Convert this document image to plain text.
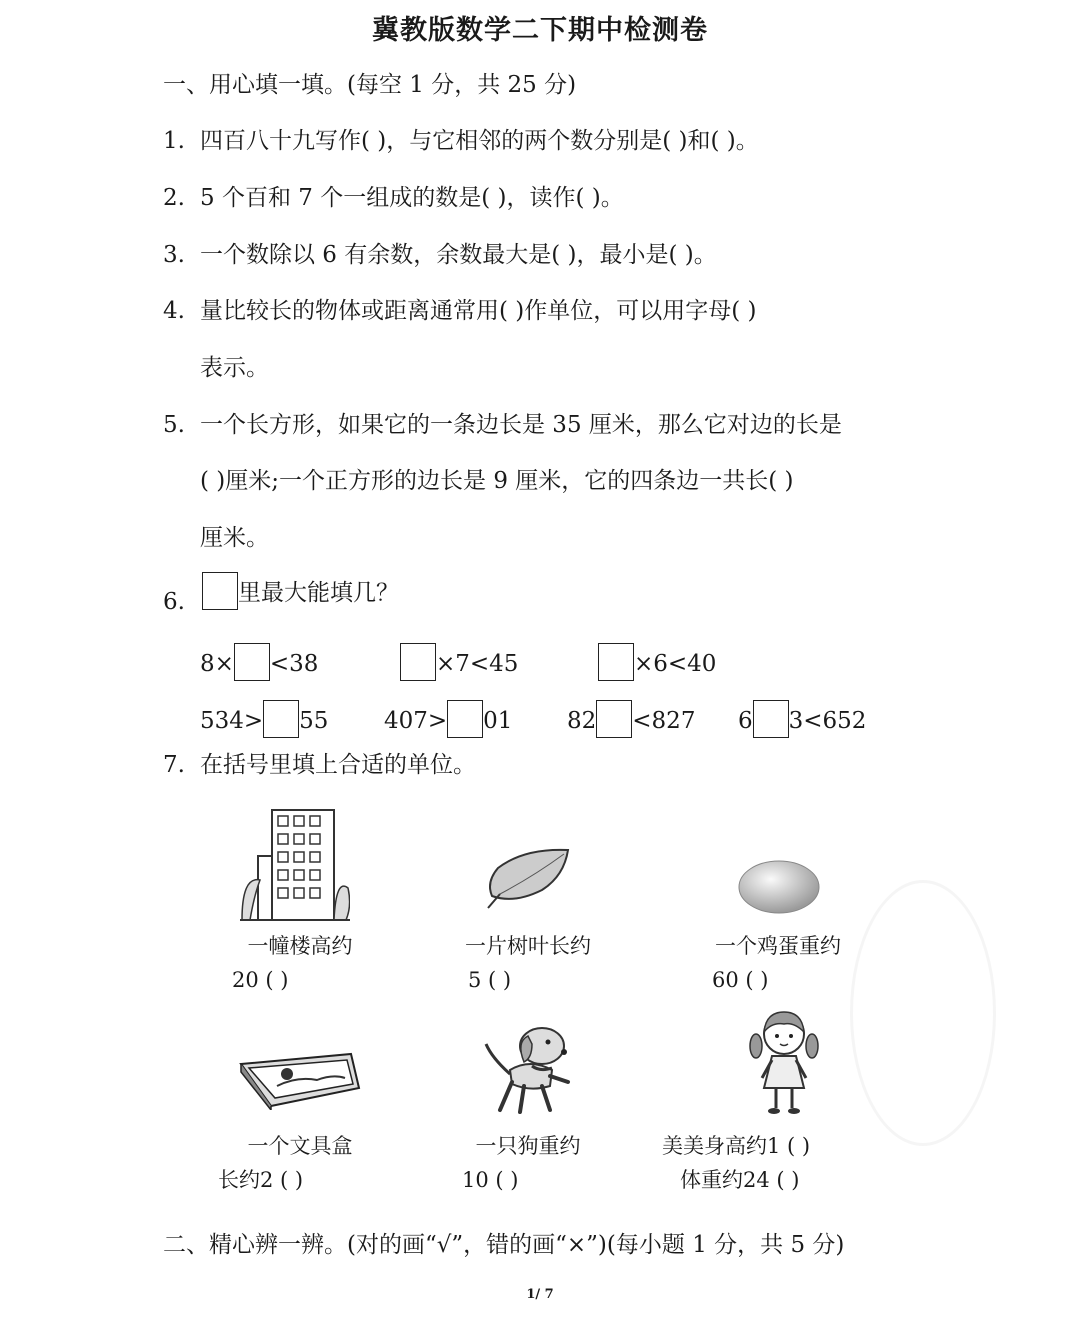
冀教版数学二下期中检测卷
一、用心填一填。(每空 1 分，共 25 分)
1. 四百八十九写作( )，与它相邻的两个数分别是( )和( )。
2. 5 个百和 7 个一组成的数是( )，读作( )。
3. 一个数除以 6 有余数，余数最大是( )，最小是( )。
4. 量比较长的物体或距离通常用( )作单位，可以用字母( )
表示。
5. 一个长方形，如果它的一条边长是 35 厘米，那么它对边的长是
( )厘米;一个正方形的边长是 9 厘米，它的四条边一共长( )
厘米。
6.	里最大能填几？
8× <38	×7<45	×6<40
534> 55 407> 01 82 <827 6 3<652
7. 在括号里填上合适的单位。
一幢楼高约
20 ( )
一片树叶长约
5 ( )
一个鸡蛋重约
60 ( )
一个文具盒
长约2 ( )
一只狗重约
10 ( )
美美身高约1 ( )
体重约24 ( )
二、精心辨一辨。(对的画“√”，错的画“×”)(每小题 1 分，共 5 分)
1/ 7
